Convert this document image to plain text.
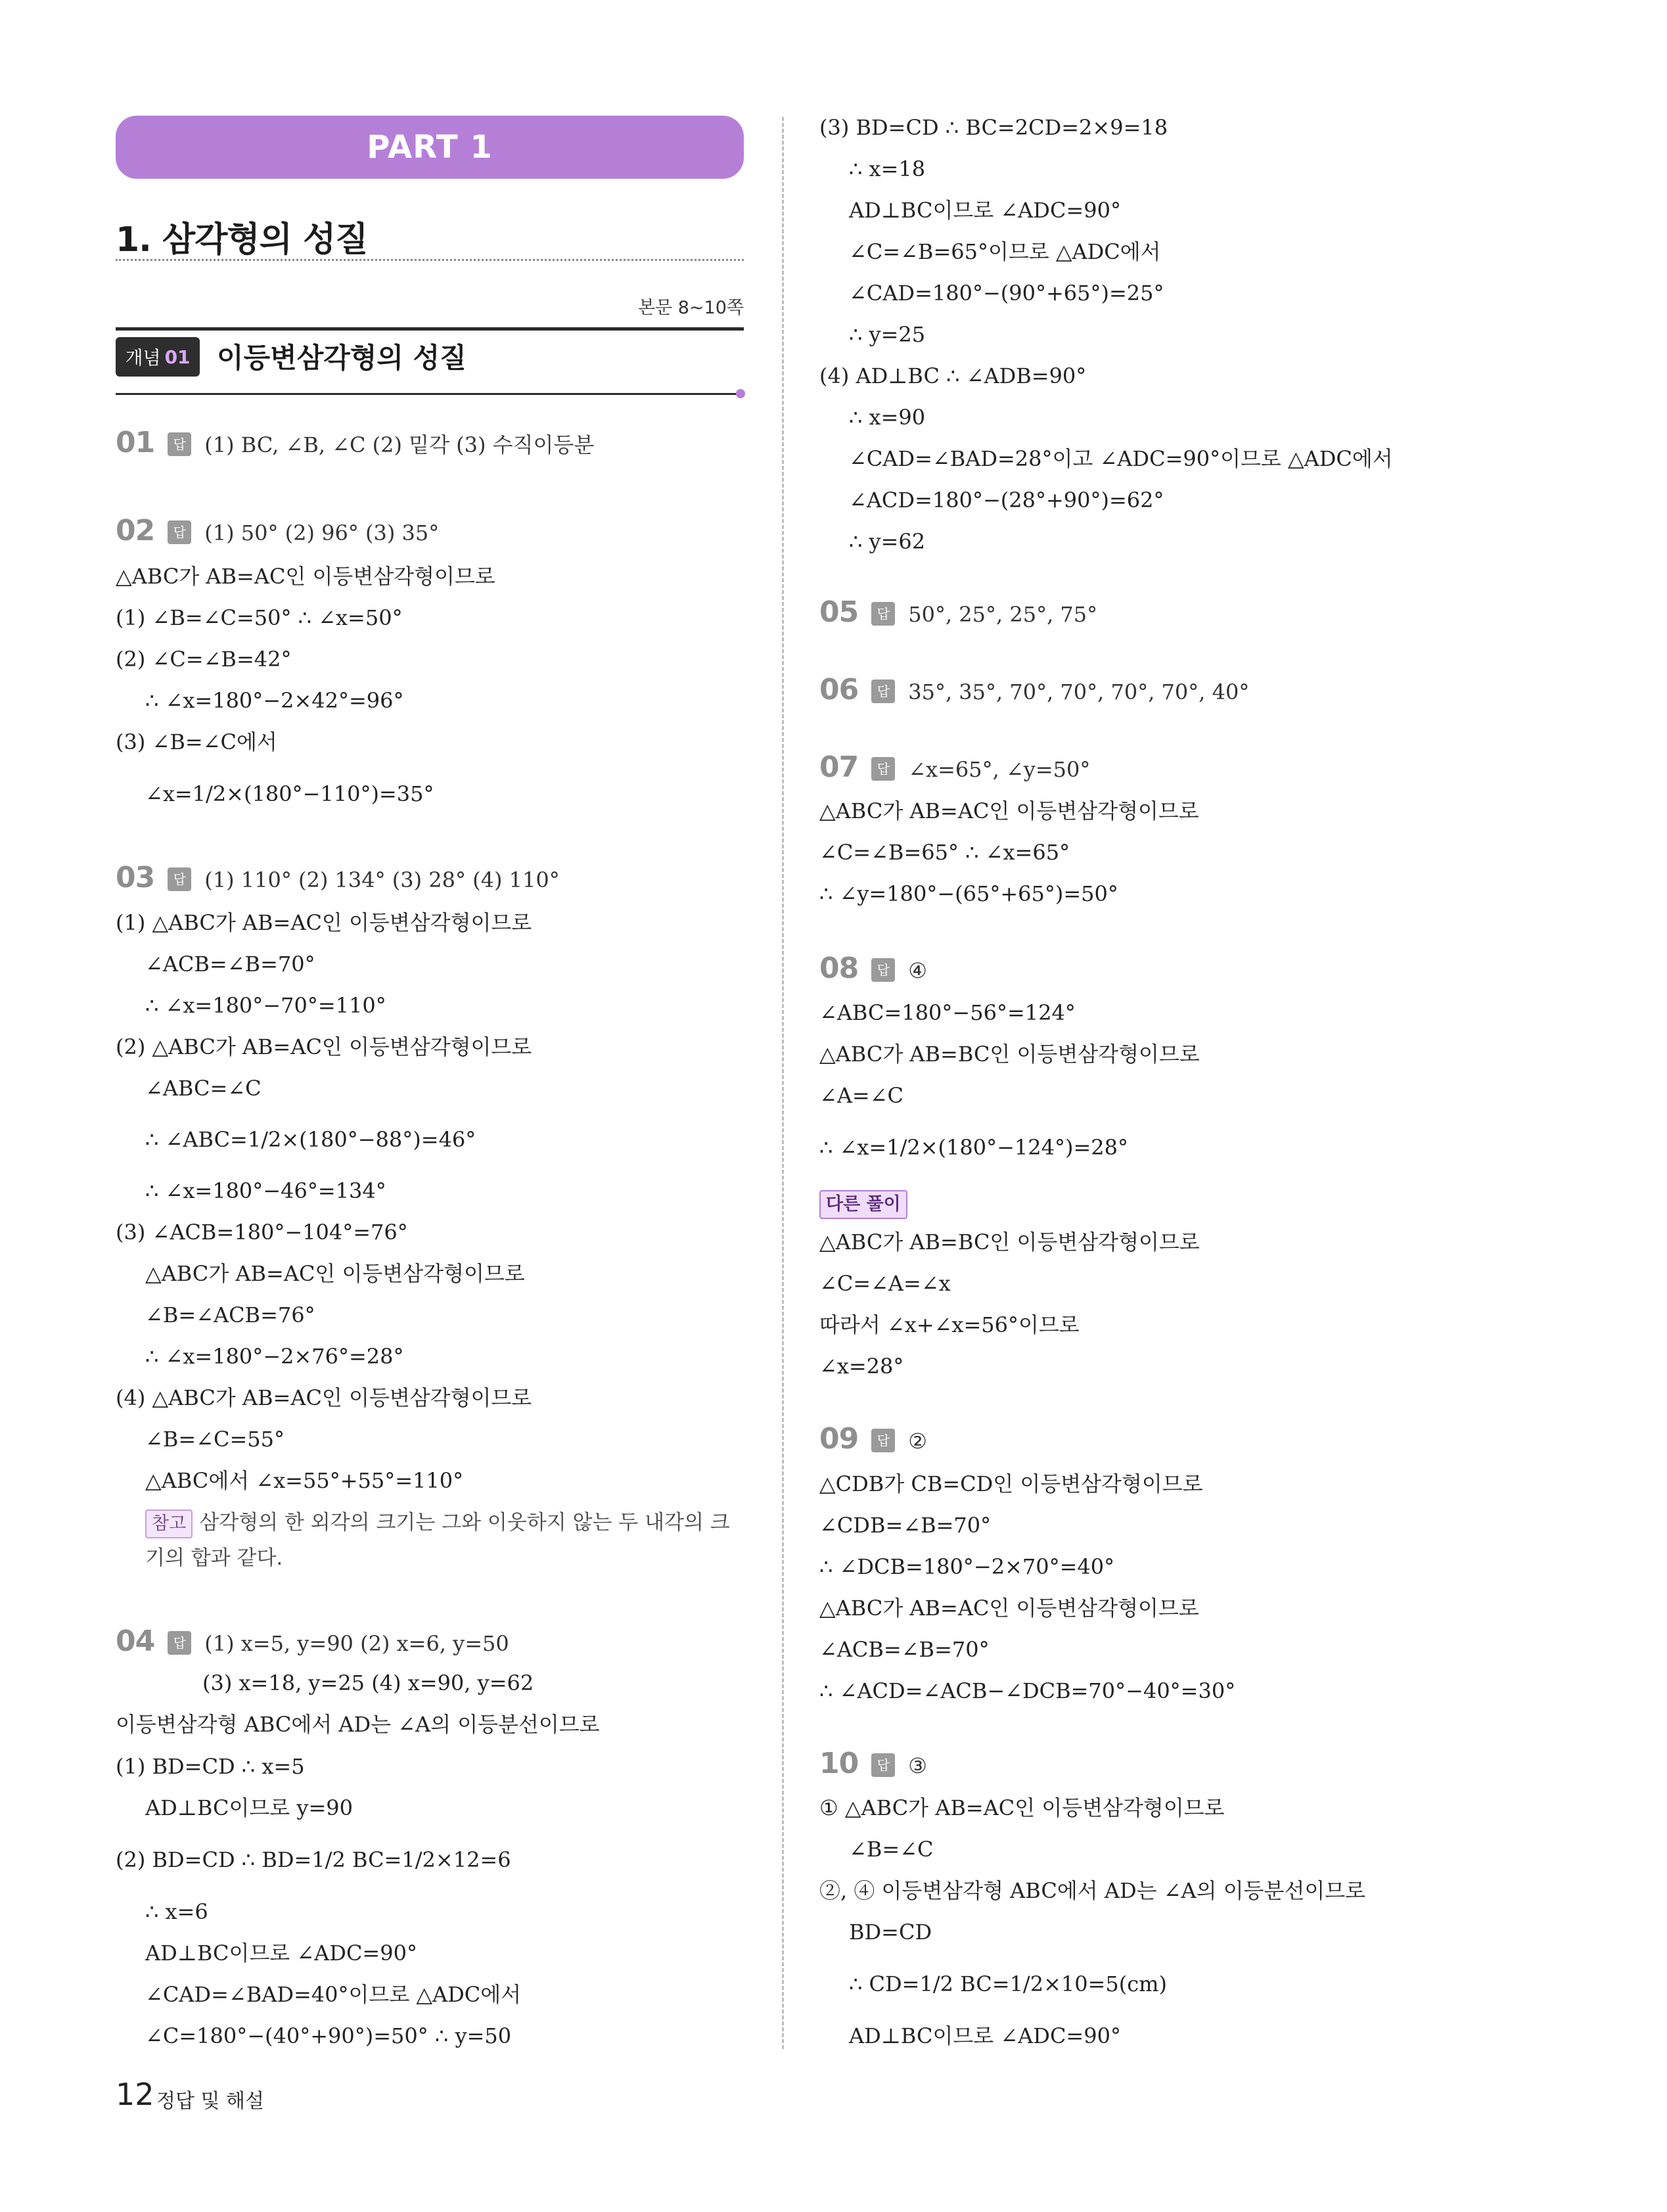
PART 1
1. 삼각형의 성질
본문 8~10쪽
개념 01 이등변삼각형의 성질
01 답 (1) BC, ∠B, ∠C (2) 밑각 (3) 수직이등분
02 답 (1) 50° (2) 96° (3) 35°
△ABC가 AB=AC인 이등변삼각형이므로
(1) ∠B=∠C=50° ∴ ∠x=50°
(2) ∠C=∠B=42°
∴ ∠x=180°−2×42°=96°
(3) ∠B=∠C에서
∠x=1/2×(180°−110°)=35°
03 답 (1) 110° (2) 134° (3) 28° (4) 110°
(1) △ABC가 AB=AC인 이등변삼각형이므로
∠ACB=∠B=70°
∴ ∠x=180°−70°=110°
(2) △ABC가 AB=AC인 이등변삼각형이므로
∠ABC=∠C
∴ ∠ABC=1/2×(180°−88°)=46°
∴ ∠x=180°−46°=134°
(3) ∠ACB=180°−104°=76°
△ABC가 AB=AC인 이등변삼각형이므로
∠B=∠ACB=76°
∴ ∠x=180°−2×76°=28°
(4) △ABC가 AB=AC인 이등변삼각형이므로
∠B=∠C=55°
△ABC에서 ∠x=55°+55°=110°
참고 삼각형의 한 외각의 크기는 그와 이웃하지 않는 두 내각의 크
기의 합과 같다.
04 답 (1) x=5, y=90 (2) x=6, y=50
(3) x=18, y=25 (4) x=90, y=62
이등변삼각형 ABC에서 AD는 ∠A의 이등분선이므로
(1) BD=CD ∴ x=5
AD⊥BC이므로 y=90
(2) BD=CD ∴ BD=1/2 BC=1/2×12=6
∴ x=6
AD⊥BC이므로 ∠ADC=90°
∠CAD=∠BAD=40°이므로 △ADC에서
∠C=180°−(40°+90°)=50° ∴ y=50
(3) BD=CD ∴ BC=2CD=2×9=18
∴ x=18
AD⊥BC이므로 ∠ADC=90°
∠C=∠B=65°이므로 △ADC에서
∠CAD=180°−(90°+65°)=25°
∴ y=25
(4) AD⊥BC ∴ ∠ADB=90°
∴ x=90
∠CAD=∠BAD=28°이고 ∠ADC=90°이므로 △ADC에서
∠ACD=180°−(28°+90°)=62°
∴ y=62
05 답 50°, 25°, 25°, 75°
06 답 35°, 35°, 70°, 70°, 70°, 70°, 40°
07 답 ∠x=65°, ∠y=50°
△ABC가 AB=AC인 이등변삼각형이므로
∠C=∠B=65° ∴ ∠x=65°
∴ ∠y=180°−(65°+65°)=50°
08 답 ④
∠ABC=180°−56°=124°
△ABC가 AB=BC인 이등변삼각형이므로
∠A=∠C
∴ ∠x=1/2×(180°−124°)=28°
다른 풀이
△ABC가 AB=BC인 이등변삼각형이므로
∠C=∠A=∠x
따라서 ∠x+∠x=56°이므로
∠x=28°
09 답 ②
△CDB가 CB=CD인 이등변삼각형이므로
∠CDB=∠B=70°
∴ ∠DCB=180°−2×70°=40°
△ABC가 AB=AC인 이등변삼각형이므로
∠ACB=∠B=70°
∴ ∠ACD=∠ACB−∠DCB=70°−40°=30°
10 답 ③
① △ABC가 AB=AC인 이등변삼각형이므로
∠B=∠C
②, ④ 이등변삼각형 ABC에서 AD는 ∠A의 이등분선이므로
BD=CD
∴ CD=1/2 BC=1/2×10=5(cm)
AD⊥BC이므로 ∠ADC=90°
12 정답 및 해설
